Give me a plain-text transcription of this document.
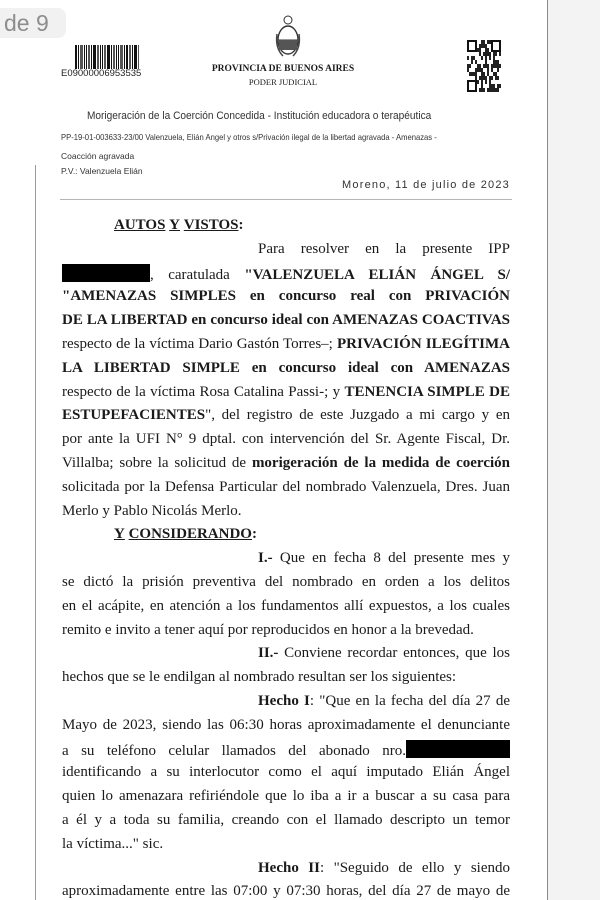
de 9
E09000006953535	PROVINCIA DE BUENOS AIRES
PODER JUDICIAL
Morigeración de la Coerción Concedida - Institución educadora o terapéutica
PP-19-01-003633-23/00 Valenzuela, Elián Angel y otros s/Privación ilegal de la libertad agravada - Amenazas -
Coacción agravada
P.V.: Valenzuela Elián
Moreno, 11 de julio de 2023
AUTOS Y VISTOS:
Para resolver en la presente IPP
, caratulada "VALENZUELA ELIÁN ÁNGEL S/
"AMENAZAS SIMPLES en concurso real con PRIVACIÓN
DE LA LIBERTAD en concurso ideal con AMENAZAS COACTIVAS
respecto de la víctima Dario Gastón Torres–; PRIVACIÓN ILEGÍTIMA
LA LIBERTAD SIMPLE en concurso ideal con AMENAZAS
respecto de la víctima Rosa Catalina Passi-; y TENENCIA SIMPLE DE
ESTUPEFACIENTES", del registro de este Juzgado a mi cargo y en
por ante la UFI N° 9 dptal. con intervención del Sr. Agente Fiscal, Dr.
Villalba; sobre la solicitud de morigeración de la medida de coerción
solicitada por la Defensa Particular del nombrado Valenzuela, Dres. Juan
Merlo y Pablo Nicolás Merlo.
Y CONSIDERANDO:
I.- Que en fecha 8 del presente mes y
se dictó la prisión preventiva del nombrado en orden a los delitos
en el acápite, en atención a los fundamentos allí expuestos, a los cuales
remito e invito a tener aquí por reproducidos en honor a la brevedad.
II.- Conviene recordar entonces, que los
hechos que se le endilgan al nombrado resultan ser los siguientes:
Hecho I: "Que en la fecha del día 27 de
Mayo de 2023, siendo las 06:30 horas aproximadamente el denunciante
a su teléfono celular llamados del abonado nro.
identificando a su interlocutor como el aquí imputado Elián Ángel
quien lo amenazara refiriéndole que lo iba a ir a buscar a su casa para
a él y a toda su familia, creando con el llamado descripto un temor
la víctima..." sic.
Hecho II: "Seguido de ello y siendo
aproximadamente entre las 07:00 y 07:30 horas, del día 27 de mayo de
